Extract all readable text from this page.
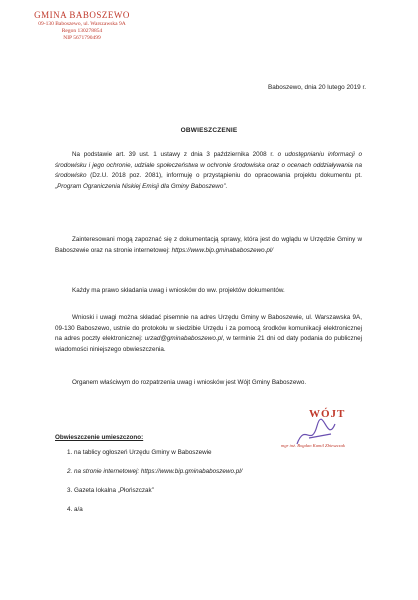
GMINA BABOSZEWO
09-130 Baboszewo, ul. Warszawska 9A
Regon 130278854
NIP 5671790499
Baboszewo, dnia 20 lutego 2019 r.
OBWIESZCZENIE

Na podstawie art. 39 ust. 1 ustawy z dnia 3 października 2008 r. o udostępnianiu informacji o środowisku i jego ochronie, udziale społeczeństwa w ochronie środowiska oraz o ocenach oddziaływania na środowisko (Dz.U. 2018 poz. 2081), informuję o przystąpieniu do opracowania projektu dokumentu pt. „Program Ograniczenia Niskiej Emisji dla Gminy Baboszewo”.

Zainteresowani mogą zapoznać się z dokumentacją sprawy, która jest do wglądu w Urzędzie Gminy w Baboszewie oraz na stronie internetowej: https://www.bip.gminababoszewo.pl/

Każdy ma prawo składania uwag i wniosków do ww. projektów dokumentów.

Wnioski i uwagi można składać pisemnie na adres Urzędu Gminy w Baboszewie, ul. Warszawska 9A, 09-130 Baboszewo, ustnie do protokołu w siedzibie Urzędu i za pomocą środków komunikacji elektronicznej na adres poczty elektronicznej: urzad@gminababoszewo.pl, w terminie 21 dni od daty podania do publicznej wiadomości niniejszego obwieszczenia.

Organem właściwym do rozpatrzenia uwag i wniosków jest Wójt Gminy Baboszewo.

WÓJT
mgr inż. Bogdan Kamil Zbieszczak
Obwieszczenie umieszczono:
1. na tablicy ogłoszeń Urzędu Gminy w Baboszewie
2. na stronie internetowej: https://www.bip.gminababoszewo.pl/
3. Gazeta lokalna „Płońszczak”
4. a/a
